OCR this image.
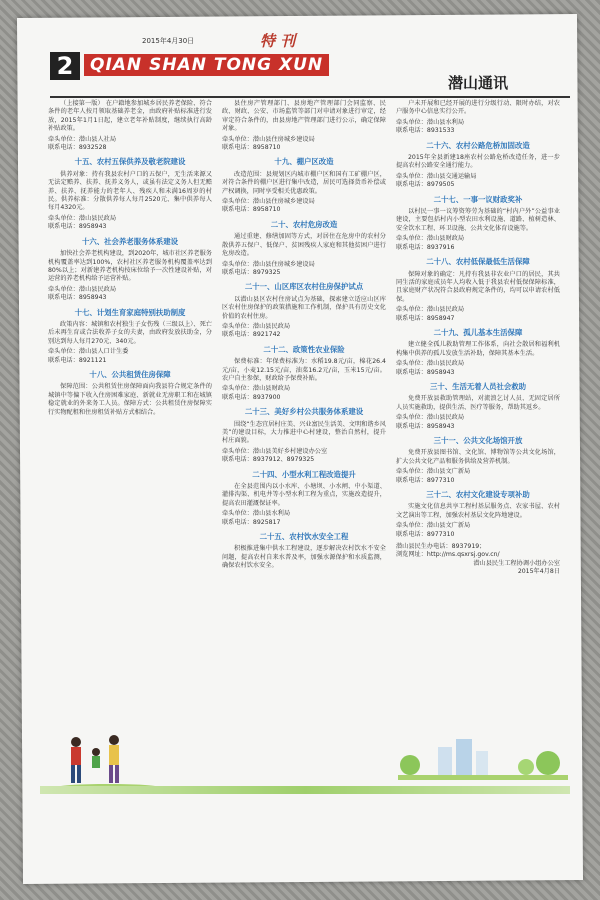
2
2015年4月30日	特 刊
QIAN SHAN TONG XUN
潜山通讯

（上接第一版） 在户籍地参加城乡居民养老保险、符合条件的老年人按月领取基础养老金，由政府补贴标准进行发放，2015年1月1日起，建立老年补贴制度，继续执行高龄补贴政策。

牵头单位：潜山县人社局

联系电话：8932528

十五、农村五保供养及敬老院建设

供养对象：持有我县农村户口的五保户，无生活来源又无法定赡养、扶养、抚养义务人，或虽有法定义务人但无赡养、扶养、抚养能力的老年人、残疾人和未满16周岁的村民。供养标准：分散供养每人每月2520元、集中供养每人每月4320元。

牵头单位：潜山县民政局

联系电话：8958943

十六、社会养老服务体系建设

加快社会养老机构建设，到2020年，城市社区养老服务机构覆盖率达到100%，农村社区养老服务机构覆盖率达到80%以上；对新建养老机构按床位给予一次性建设补贴，对运营的养老机构给予运营补贴。

牵头单位：潜山县民政局

联系电话：8958943

十七、计划生育家庭特别扶助制度

政策内容：城镇和农村独生子女伤残（三级以上）、死亡后未再生育或合法收养子女的夫妻，由政府发放扶助金，分别达到每人每月270元、340元。

牵头单位：潜山县人口计生委

联系电话：8921121

十八、公共租赁住房保障

保障范围：公共租赁住房保障面向我县符合规定条件的城镇中等偏下收入住房困难家庭、新就业无房职工和在城镇稳定就业的外来务工人员。保障方式：公共租赁住房保障实行实物配租和住房租赁补贴方式相结合。

县住房产管理部门、县房地产管理部门会同监察、民政、财政、公安、市场监管等部门对申请对象进行审定，经审定符合条件的，由县房地产管理部门进行公示，确定保障对象。

牵头单位：潜山县住房城乡建设局

联系电话：8958710

十九、棚户区改造

改造范围：县规划区内城市棚户区和国有工矿棚户区，对符合条件的棚户区进行集中改造，居民可选择货币补偿或产权调换，同时享受相关优惠政策。

牵头单位：潜山县住房城乡建设局

联系电话：8958710

二十、农村危房改造

通过重建、修缮加固等方式，对居住在危房中的农村分散供养五保户、低保户、贫困残疾人家庭和其他贫困户进行危房改造。

牵头单位：潜山县住房城乡建设局

联系电话：8979325

二十一、山区库区农村住房保护试点

以潜山县区农村住房试点为基础，探索建立适应山区库区农村住房保护的政策措施和工作机制，保护具有历史文化价值的农村住房。

牵头单位：潜山县民政局

联系电话：8921742

二十二、政策性农业保险

保费标准：年保费标准为：水稻19.8元/亩，棉花26.4元/亩，小麦12.15元/亩，油菜16.2元/亩，玉米15元/亩。农户自主参保，财政给予保费补贴。

牵头单位：潜山县财政局

联系电话：8937900

二十三、美好乡村公共服务体系建设

围绕“生态宜居村庄美、兴业富民生活美、文明和谐乡风美”的建设目标，大力推进中心村建设，整治自然村，提升村庄面貌。

牵头单位：潜山县美好乡村建设办公室

联系电话：8937912、8979325

二十四、小型水利工程改造提升

在全县范围内以小水库、小塘坝、小水闸、中小渠道、灌排沟渠、机电井等小型水利工程为重点，实施改造提升，提高农田灌溉保证率。

牵头单位：潜山县水利局

联系电话：8925817

二十五、农村饮水安全工程

积极推进集中供水工程建设，逐步解决农村饮水不安全问题，提高农村自来水普及率，加强水源保护和水质监测，确保农村饮水安全。

户未开展和已经开展的进行分级行动、限时办结，对农户服务中心信息实行公开。

牵头单位：潜山县水利局

联系电话：8931533

二十六、农村公路危桥加固改造

2015年全县新建18座农村公路危桥改造任务，进一步提高农村公路安全通行能力。

牵头单位：潜山县交通运输局

联系电话：8979505

二十七、一事一议财政奖补

以村民一事一议筹资筹劳为基础的“村内户外”公益事业建设，主要包括村内小型农田水利设施、道路、植树造林、安全饮水工程、环卫设施、公共文化体育设施等。

牵头单位：潜山县财政局

联系电话：8937916

二十八、农村低保最低生活保障

保障对象的确定：凡持有我县非农业户口的居民，其共同生活的家庭成员年人均收入低于我县农村低保保障标准，且家庭财产状况符合县政府规定条件的，均可以申请农村低保。

牵头单位：潜山县民政局

联系电话：8958947

二十九、孤儿基本生活保障

建立健全孤儿救助管理工作体系，向社会散居和福利机构集中供养的孤儿发放生活补助，保障其基本生活。

牵头单位：潜山县民政局

联系电话：8958943

三十、生活无着人员社会救助

免费开放县救助管理站，对流浪乞讨人员、无固定居所人员实施救助，提供生活、医疗等服务，帮助其返乡。

牵头单位：潜山县民政局

联系电话：8958943

三十一、公共文化场馆开放

免费开放县图书馆、文化馆、博物馆等公共文化场馆，扩大公共文化产品和服务供给及营养机制。

牵头单位：潜山县文广新局

联系电话：8977310

三十二、农村文化建设专项补助

实施文化信息共享工程村基层服务点、农家书屋、农村文艺演出等工程，加强农村基层文化阵地建设。

牵头单位：潜山县文广新局

联系电话：8977310

潜山县民生办电话：8937919；

浏览网址：http://ms.qsxrsj.gov.cn/

潜山县民生工程协调小组办公室

2015年4月8日
